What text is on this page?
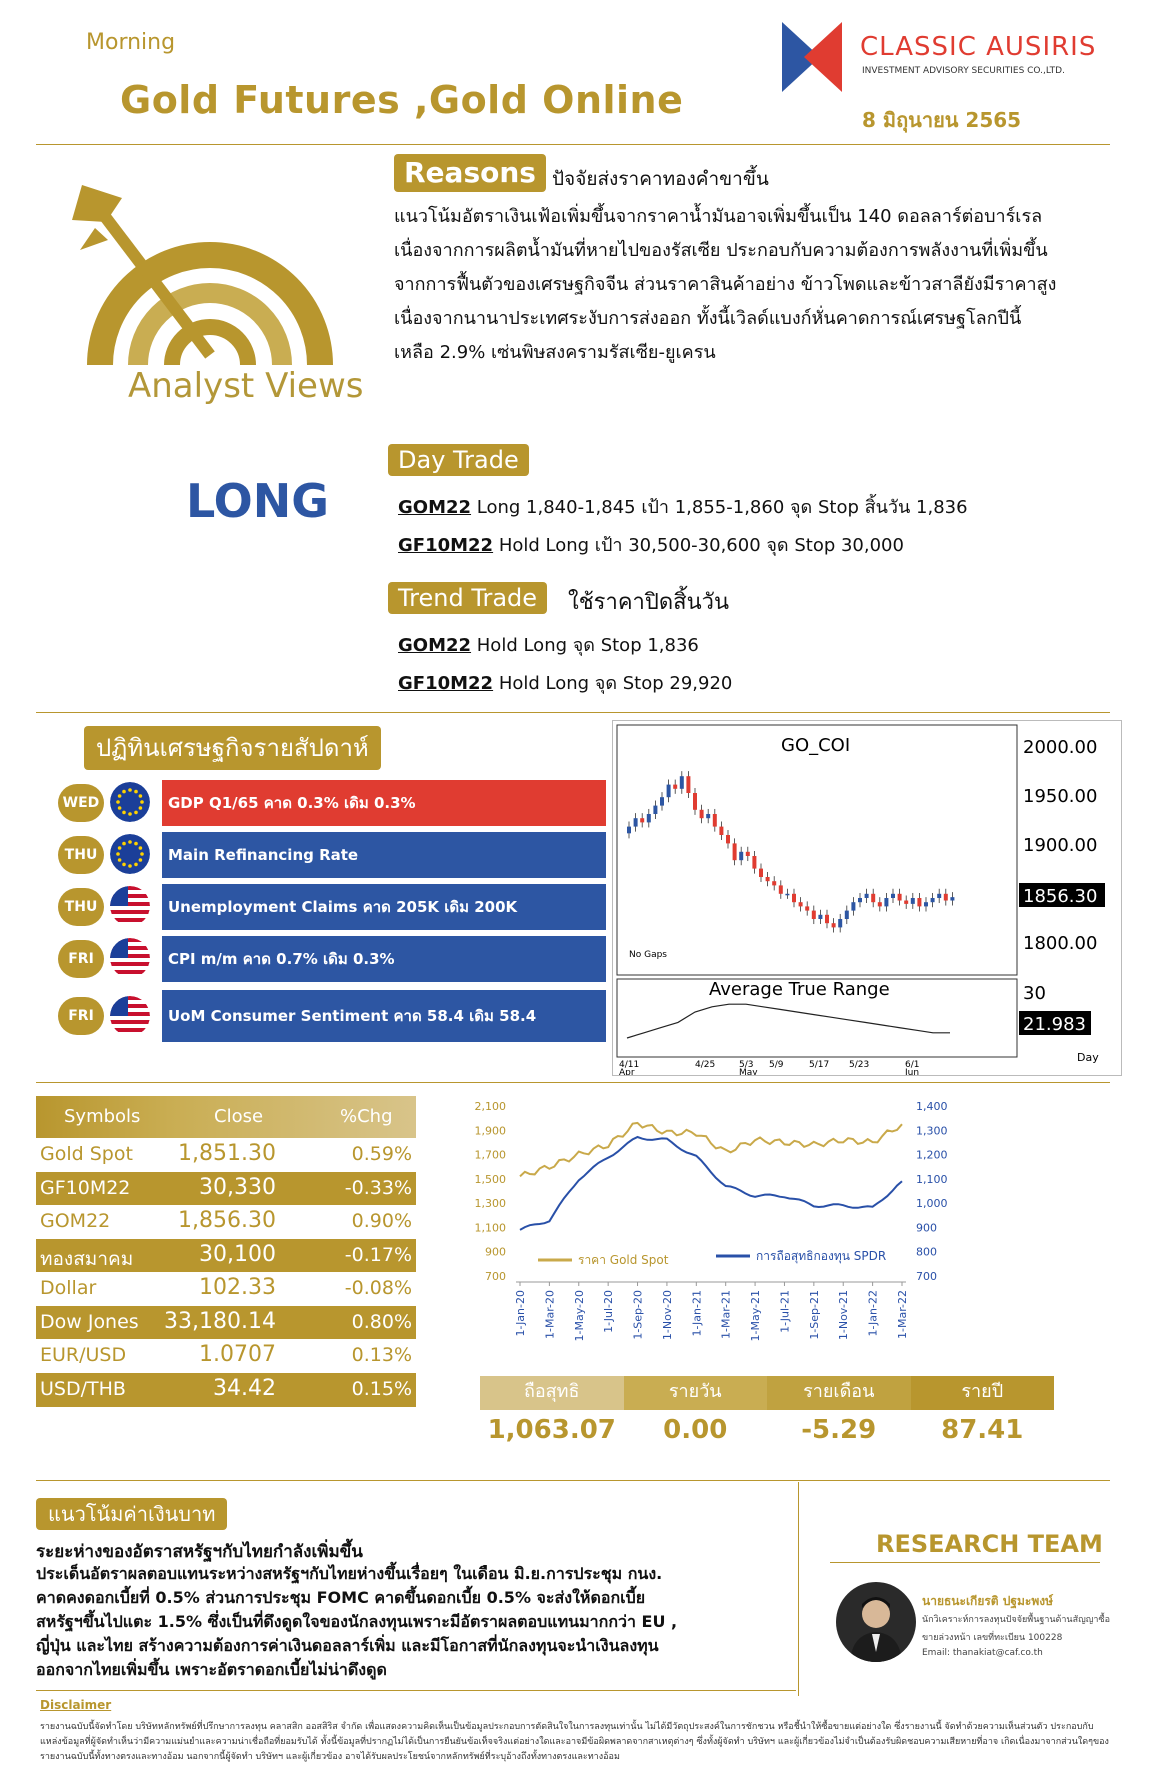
Morning
Gold Futures ,Gold Online
CLASSIC AUSIRIS
INVESTMENT ADVISORY SECURITIES CO.,LTD.
8 มิถุนายน 2565
Analyst Views
LONG
Reasons ปัจจัยส่งราคาทองคำขาขึ้น
แนวโน้มอัตราเงินเฟ้อเพิ่มขึ้นจากราคาน้ำมันอาจเพิ่มขึ้นเป็น 140 ดอลลาร์ต่อบาร์เรล
เนื่องจากการผลิตน้ำมันที่หายไปของรัสเซีย ประกอบกับความต้องการพลังงานที่เพิ่มขึ้น
จากการฟื้นตัวของเศรษฐกิจจีน ส่วนราคาสินค้าอย่าง ข้าวโพดและข้าวสาลียังมีราคาสูง
เนื่องจากนานาประเทศระงับการส่งออก ทั้งนี้เวิลด์แบงก์หั่นคาดการณ์เศรษฐโลกปีนี้
เหลือ 2.9% เซ่นพิษสงครามรัสเซีย-ยูเครน
Day Trade
GOM22 Long 1,840-1,845 เป้า 1,855-1,860 จุด Stop สิ้นวัน 1,836
GF10M22 Hold Long เป้า 30,500-30,600 จุด Stop 30,000
Trend Trade	ใช้ราคาปิดสิ้นวัน
GOM22 Hold Long จุด Stop 1,836
GF10M22 Hold Long จุด Stop 29,920
ปฏิทินเศรษฐกิจรายสัปดาห์
WED	GDP Q1/65 คาด 0.3% เดิม 0.3%
THU	Main Refinancing Rate
THU	Unemployment Claims คาด 205K เดิม 200K
FRI	CPI m/m คาด 0.7% เดิม 0.3%
FRI	UoM Consumer Sentiment คาด 58.4 เดิม 58.4
GO_COI
No Gaps
Average True Range
2000.00
1950.00
1900.00
1856.30
1800.00
30
21.983
4/11	4/25	5/3 5/9	5/17 5/23	6/1
Apr	May	Jun
Day
Symbols	Close	%Chg
Gold Spot 1,851.30	0.59%
GF10M22	30,330	-0.33%
GOM22	1,856.30	0.90%
ทองสมาคม	30,100	-0.17%
Dollar	102.33	-0.08%
Dow Jones 33,180.14	0.80%
EUR/USD	1.0707	0.13%
USD/THB	34.42	0.15%
2,100
1,900
1,700
1,500
1,300
1,100
900
700
1,400
1,300
1,200
1,100
1,000
900
800
700
1-Jan-20 1-Mar-20 1-May-20 1-Jul-20 1-Sep-20 1-Nov-20 1-Jan-21 1-Mar-21 1-May-21 1-Jul-21 1-Sep-21 1-Nov-21 1-Jan-22 1-Mar-22
ราคา Gold Spot	การถือสุทธิกองทุน SPDR
ถือสุทธิ	รายวัน	รายเดือน	รายปี
1,063.07	0.00	-5.29	87.41
แนวโน้มค่าเงินบาท
ระยะห่างของอัตราสหรัฐฯกับไทยกำลังเพิ่มขึ้น
ประเด็นอัตราผลตอบแทนระหว่างสหรัฐฯกับไทยห่างขึ้นเรื่อยๆ ในเดือน มิ.ย.การประชุม กนง.
คาดคงดอกเบี้ยที่ 0.5% ส่วนการประชุม FOMC คาดขึ้นดอกเบี้ย 0.5% จะส่งให้ดอกเบี้ย
สหรัฐฯขึ้นไปแตะ 1.5% ซึ่งเป็นที่ดึงดูดใจของนักลงทุนเพราะมีอัตราผลตอบแทนมากกว่า EU ,
ญี่ปุ่น และไทย สร้างความต้องการค่าเงินดอลลาร์เพิ่ม และมีโอกาสที่นักลงทุนจะนำเงินลงทุน
ออกจากไทยเพิ่มขึ้น เพราะอัตราดอกเบี้ยไม่น่าดึงดูด
RESEARCH TEAM
นายธนะเกียรติ ปฐมะพงษ์
นักวิเคราะห์การลงทุนปัจจัยพื้นฐานด้านสัญญาซื้อ
ขายล่วงหน้า เลขที่ทะเบียน 100228
Email: thanakiat@caf.co.th
Disclaimer
รายงานฉบับนี้จัดทำโดย บริษัทหลักทรัพย์ที่ปรึกษาการลงทุน คลาสสิก ออสสิริส จำกัด เพื่อแสดงความคิดเห็นเป็นข้อมูลประกอบการตัดสินใจในการลงทุนเท่านั้น ไม่ได้มีวัตถุประสงค์ในการชักชวน หรือชี้นำให้ซื้อขายแต่อย่างใด ซึ่งรายงานนี้ จัดทำด้วยความเห็นส่วนตัว ประกอบกับแหล่งข้อมูลที่ผู้จัดทำเห็นว่ามีความแม่นยำและความน่าเชื่อถือที่ยอมรับได้ ทั้งนี้ข้อมูลที่ปรากฏไม่ได้เป็นการยืนยันข้อเท็จจริงแต่อย่างใดและอาจมีข้อผิดพลาดจากสาเหตุต่างๆ ซึ่งทั้งผู้จัดทำ บริษัทฯ และผู้เกี่ยวข้องไม่จำเป็นต้องรับผิดชอบความเสียหายที่อาจ เกิดเนื่องมาจากส่วนใดๆของรายงานฉบับนี้ทั้งทางตรงและทางอ้อม นอกจากนี้ผู้จัดทำ บริษัทฯ และผู้เกี่ยวข้อง อาจได้รับผลประโยชน์จากหลักทรัพย์ที่ระบุอ้างถึงทั้งทางตรงและทางอ้อม
